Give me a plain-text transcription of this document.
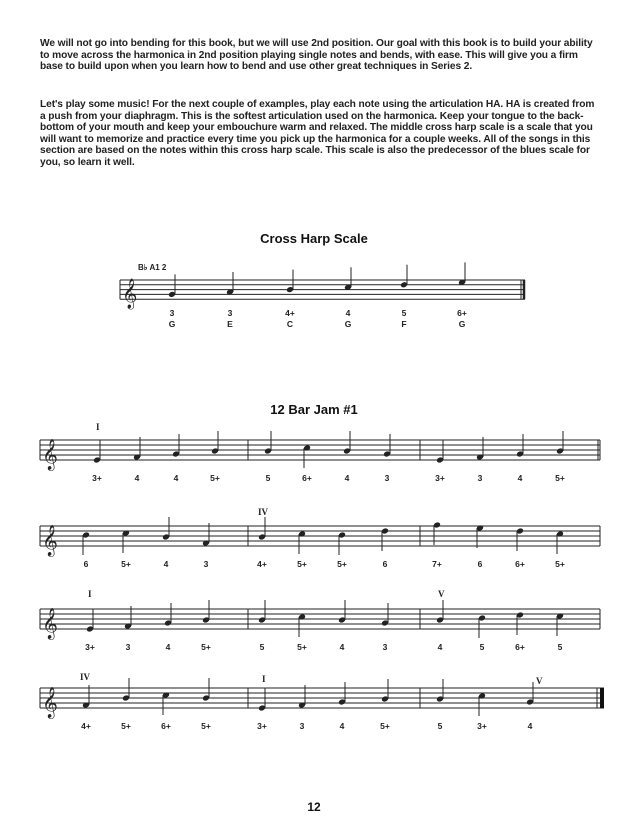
We will not go into bending for this book, but we will use 2nd position. Our goal with this book is to build your ability to move across the harmonica in 2nd position playing single notes and bends, with ease. This will give you a firm base to build upon when you learn how to bend and use other great techniques in Series 2.

Let's play some music! For the next couple of examples, play each note using the articulation HA. HA is created from a push from your diaphragm. This is the softest articulation used on the harmonica. Keep your tongue to the back-bottom of your mouth and keep your embouchure warm and relaxed. The middle cross harp scale is a scale that you will want to memorize and practice every time you pick up the harmonica for a couple weeks. All of the songs in this section are based on the notes within this cross harp scale. This scale is also the predecessor of the blues scale for you, so learn it well.

Cross Harp Scale
12 Bar Jam #1
𝄞
B♭ A1 2
3
G
3
E
4+
C
4
G
5
F
6+
G
𝄞
I
3+	4	4	5+	5	6+	4	3	3+	3	4	5+
𝄞
IV
6	5+	4	3	4+	5+	5+	6	7+	6	6+	5+
𝄞
I	V
3+	3	4	5+	5	5+	4	3	4	5	6+	5
𝄞
IV	I	V
4+	5+	6+	5+	3+	3	4	5+	5	3+	4
12
